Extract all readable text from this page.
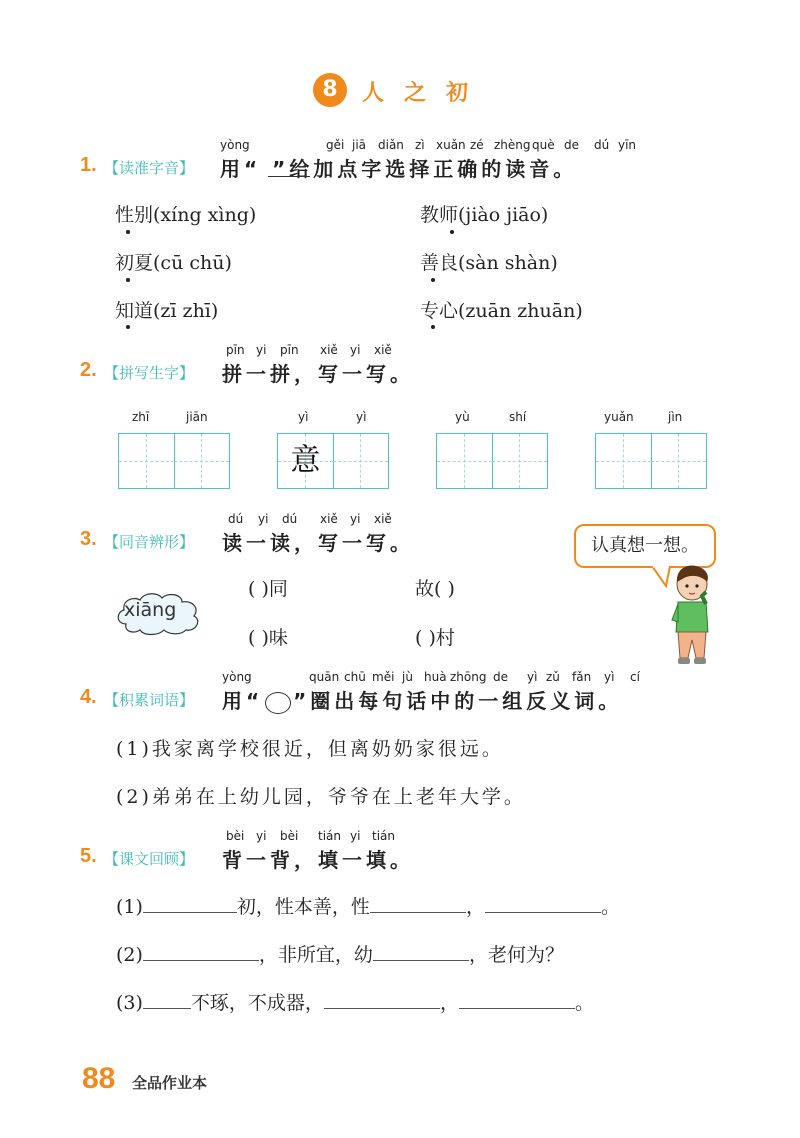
8	人之初
yòng	gěi jiā diǎn zì xuǎn zé zhèng què de dú yīn
1. 【读准字音】 用“ ”给加点字选择正确的读音。
性别(xíng xìng)	教师(jiào jiāo)
初夏(cū chū)	善良(sàn shàn)
知道(zī zhī)	专心(zuān zhuān)
pīn yi pīn xiě yi xiě
2. 【拼写生字】 拼一拼，写一写。
zhī	jiān	yì	yì
意
yù	shí	yuǎn	jìn
dú yi dú xiě yi xiě
3. 【同音辨形】 读一读，写一写。
xiāng
( )同	故( )
( )味	( )村
认真想一想。
yòng	quān chū měi jù huà zhōng de yì zǔ fǎn yì cí
4. 【积累词语】 用“ ”圈出每句话中的一组反义词。
(1)我家离学校很近，但离奶奶家很远。
(2)弟弟在上幼儿园，爷爷在上老年大学。
bèi yi bèi tián yi tián
5. 【课文回顾】 背一背，填一填。
(1)	初，性本善，性	，	。
(2)	，非所宜，幼	，老何为？
(3)	不琢，不成器，	，	。
88 全品作业本
